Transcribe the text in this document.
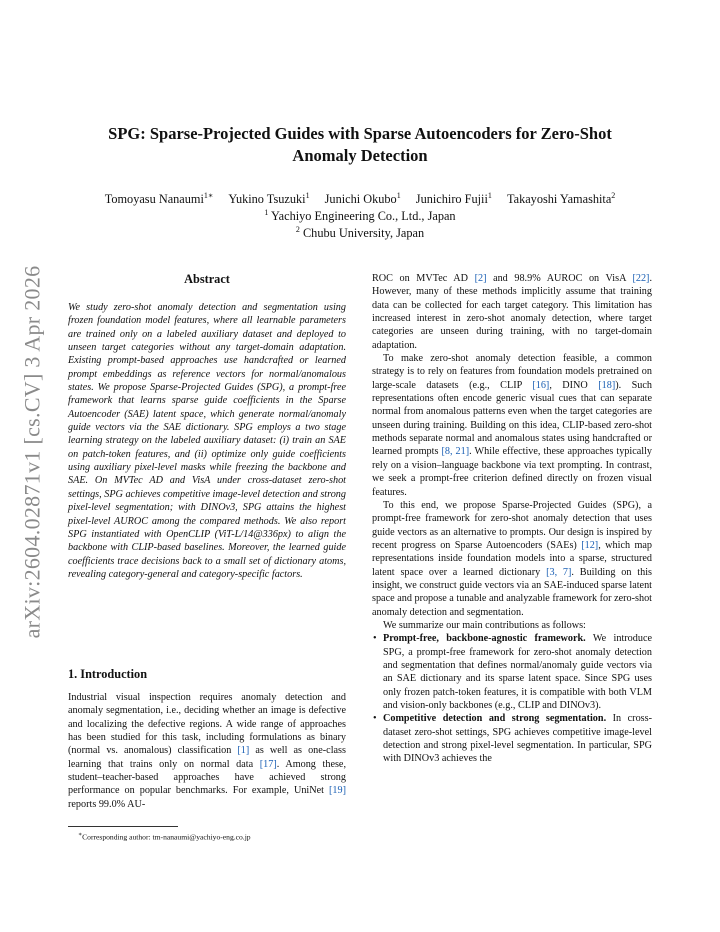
arXiv:2604.02871v1 [cs.CV] 3 Apr 2026
SPG: Sparse-Projected Guides with Sparse Autoencoders for Zero-Shot Anomaly Detection
Tomoyasu Nanaumi$^{1∗}$ Yukino Tsuzuki$^1$ Junichi Okubo$^1$ Junichiro Fujii$^1$ Takayoshi Yamashita$^2$
$^1$ Yachiyo Engineering Co., Ltd., Japan
$^2$ Chubu University, Japan
Abstract

We study zero-shot anomaly detection and segmentation using frozen foundation model features, where all learnable parameters are trained only on a labeled auxiliary dataset and deployed to unseen target categories without any target-domain adaptation. Existing prompt-based approaches use handcrafted or learned prompt embeddings as reference vectors for normal/anomalous states. We propose Sparse-Projected Guides (SPG), a prompt-free framework that learns sparse guide coefficients in the Sparse Autoencoder (SAE) latent space, which generate normal/anomaly guide vectors via the SAE dictionary. SPG employs a two stage learning strategy on the labeled auxiliary dataset: (i) train an SAE on patch-token features, and (ii) optimize only guide coefficients using auxiliary pixel-level masks while freezing the backbone and SAE. On MVTec AD and VisA under cross-dataset zero-shot settings, SPG achieves competitive image-level detection and strong pixel-level segmentation; with DINOv3, SPG attains the highest pixel-level AUROC among the compared methods. We also report SPG instantiated with OpenCLIP (ViT-L/14@336px) to align the backbone with CLIP-based baselines. Moreover, the learned guide coefficients trace decisions back to a small set of dictionary atoms, revealing category-general and category-specific factors.

1. Introduction

Industrial visual inspection requires anomaly detection and anomaly segmentation, i.e., deciding whether an image is defective and localizing the defective regions. A wide range of approaches has been studied for this task, including formulations as binary (normal vs. anomalous) classification [1] as well as one-class learning that trains only on normal data [17]. Among these, student–teacher-based approaches have achieved strong performance on popular benchmarks. For example, UniNet [19] reports 99.0% AU-

∗Corresponding author: tm-nanaumi@yachiyo-eng.co.jp

ROC on MVTec AD [2] and 98.9% AUROC on VisA [22]. However, many of these methods implicitly assume that training data can be collected for each target category. This limitation has increased interest in zero-shot anomaly detection, where target categories are unseen during training, with no target-domain adaptation.

To make zero-shot anomaly detection feasible, a common strategy is to rely on features from foundation models pretrained on large-scale datasets (e.g., CLIP [16], DINO [18]). Such representations often encode generic visual cues that can separate normal from anomalous patterns even when the target categories are unseen during training. Building on this idea, CLIP-based zero-shot methods separate normal and anomalous states using handcrafted or learned prompts [8, 21]. While effective, these approaches typically rely on a vision–language backbone via text prompting. In contrast, we seek a prompt-free criterion defined directly on frozen visual features.

To this end, we propose Sparse-Projected Guides (SPG), a prompt-free framework for zero-shot anomaly detection that uses guide vectors as an alternative to prompts. Our design is inspired by recent progress on Sparse Autoencoders (SAEs) [12], which map representations inside foundation models into a sparse, structured latent space over a learned dictionary [3, 7]. Building on this insight, we construct guide vectors via an SAE-induced sparse latent space and propose a tunable and analyzable framework for zero-shot anomaly detection and segmentation.

We summarize our main contributions as follows:

• Prompt-free, backbone-agnostic framework. We introduce SPG, a prompt-free framework for zero-shot anomaly detection and segmentation that defines normal/anomaly guide vectors via an SAE dictionary and its sparse latent space. Since SPG uses only frozen patch-token features, it is compatible with both VLM and vision-only backbones (e.g., CLIP and DINOv3).
• Competitive detection and strong segmentation. In cross-dataset zero-shot settings, SPG achieves competitive image-level detection and strong pixel-level segmentation. In particular, SPG with DINOv3 achieves the
